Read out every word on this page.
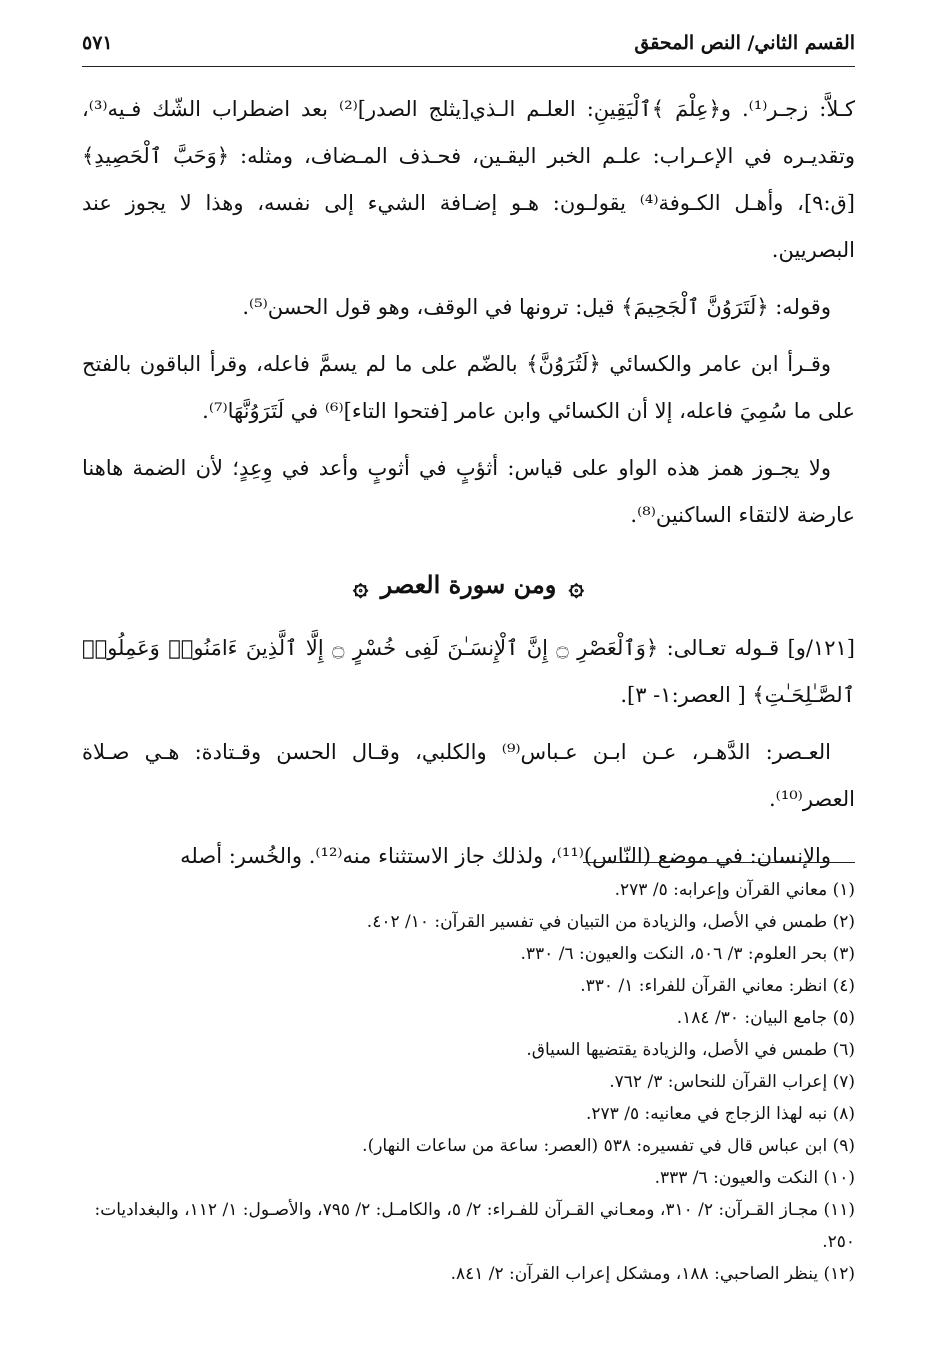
القسم الثاني/ النص المحقق
٥٧١

كـلاَّ: زجـر⁽¹⁾. و﴿عِلْمَ ﴾ٱلْيَقِينِ: العلـم الـذي[يثلج الصدر]⁽²⁾ بعد اضطراب الشّك فـيه⁽³⁾، وتقديـره في الإعـراب: علـم الخبر اليقـين، فحـذف المـضاف، ومثله: ﴿وَحَبَّ ٱلْحَصِيدِ﴾ [ق:٩]، وأهـل الكـوفة⁽⁴⁾ يقولـون: هـو إضـافة الشيء إلى نفسه، وهذا لا يجوز عند البصريين.

وقوله: ﴿لَتَرَوُنَّ ٱلْجَحِيمَ﴾ قيل: ترونها في الوقف، وهو قول الحسن⁽⁵⁾.

وقـرأ ابن عامر والكسائي ﴿لَتُرَوُنَّ﴾ بالضّم على ما لم يسمَّ فاعله، وقرأ الباقون بالفتح على ما سُمِيَ فاعله، إلا أن الكسائي وابن عامر [فتحوا التاء]⁽⁶⁾ في لَتَرَوُنَّهَا⁽⁷⁾.

ولا يجـوز همز هذه الواو على قياس: أثؤبٍ في أثوبٍ وأعد في وِعِدٍ؛ لأن الضمة هاهنا عارضة لالتقاء الساكنين⁽⁸⁾.

۞ ومن سورة العصر ۞

[١٢١/و] قـوله تعـالى: ﴿وَٱلْعَصْرِ ۝ إِنَّ ٱلْإِنسَـٰنَ لَفِى خُسْرٍ ۝ إِلَّا ٱلَّذِينَ ءَامَنُوا۟ وَعَمِلُوا۟ ٱلصَّـٰلِحَـٰتِ﴾ [ العصر:١- ٣].

العـصر: الدَّهـر، عـن ابـن عـباس⁽⁹⁾ والكلبي، وقـال الحسن وقـتادة: هـي صـلاة العصر⁽¹⁰⁾.

والإنسان: في موضع (النّاس)⁽¹¹⁾، ولذلك جاز الاستثناء منه⁽¹²⁾. والخُسر: أصله

(١) معاني القرآن وإعرابه: ٥/ ٢٧٣.

(٢) طمس في الأصل، والزيادة من التبيان في تفسير القرآن: ١٠/ ٤٠٢.

(٣) بحر العلوم: ٣/ ٥٠٦، النكت والعيون: ٦/ ٣٣٠.

(٤) انظر: معاني القرآن للفراء: ١/ ٣٣٠.

(٥) جامع البيان: ٣٠/ ١٨٤.

(٦) طمس في الأصل، والزيادة يقتضيها السياق.

(٧) إعراب القرآن للنحاس: ٣/ ٧٦٢.

(٨) نبه لهذا الزجاج في معانيه: ٥/ ٢٧٣.

(٩) ابن عباس قال في تفسيره: ٥٣٨ (العصر: ساعة من ساعات النهار).

(١٠) النكت والعيون: ٦/ ٣٣٣.

(١١) مجـاز القـرآن: ٢/ ٣١٠، ومعـاني القـرآن للفـراء: ٢/ ٥، والكامـل: ٢/ ٧٩٥، والأصـول: ١/ ١١٢، والبغداديات: ٢٥٠.

(١٢) ينظر الصاحبي: ١٨٨، ومشكل إعراب القرآن: ٢/ ٨٤١.
